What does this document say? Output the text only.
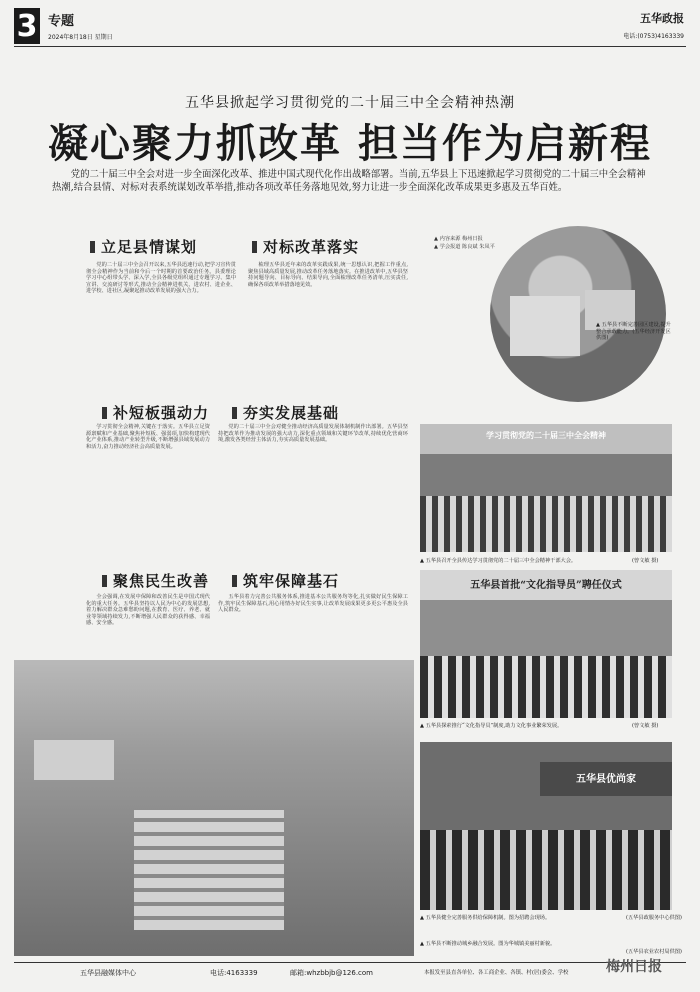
3 专题
2024年8月18日 星期日
五华政报
电话:(0753)4163339
五华县掀起学习贯彻党的二十届三中全会精神热潮
凝心聚力抓改革 担当作为启新程
党的二十届三中全会对进一步全面深化改革、推进中国式现代化作出战略部署。当前,五华县上下迅速掀起学习贯彻党的二十届三中全会精神热潮,结合县情、对标对表系统谋划改革举措,推动各项改革任务落地见效,努力让进一步全面深化改革成果更多惠及五华百姓。
立足县情谋划	对标改革落实
党的二十届三中全会召开以来,五华县迅速行动,把学习宣传贯彻全会精神作为当前和今后一个时期的首要政治任务。县委理论学习中心组带头学、深入学,全县各级党组织通过专题学习、集中宣讲、交流研讨等形式,推动全会精神进机关、进农村、进企业、进学校、进社区,凝聚起推动改革发展的强大合力。
梳理五华县近年来的改革实践成果,统一思想认识,把握工作重点,聚焦县域高质量发展,推动改革任务落地落实。在推进改革中,五华县坚持问题导向、目标导向、结果导向,全面梳理改革任务清单,压实责任,确保各项改革举措落地见效。
▲ 内容来源 梅州日报
▲ 学会报道 陈良斌 朱凤平
▲ 五华县不断完善园区建设,提升整合承载能力。(五华经济开发区供图)
补短板强动力	夯实发展基础
学习贯彻全会精神,关键在于落实。五华县立足资源禀赋和产业基础,聚焦补短板、强弱项,加快构建现代化产业体系,推动产业转型升级,不断增强县域发展动力和活力,奋力推动经济社会高质量发展。
党的二十届三中全会对健全推动经济高质量发展体制机制作出部署。五华县坚持把改革作为推动发展的强大动力,深化重点领域和关键环节改革,持续优化营商环境,激发各类经营主体活力,夯实高质量发展基础。
学习贯彻党的二十届三中全会精神
▲ 五华县召开全县传达学习贯彻党的二十届三中全会精神干部大会。	(曾文敏 摄)
聚焦民生改善	筑牢保障基石
全会强调,在发展中保障和改善民生是中国式现代化的重大任务。五华县坚持以人民为中心的发展思想,着力解决群众急难愁盼问题,在教育、医疗、养老、就业等领域持续发力,不断增强人民群众的获得感、幸福感、安全感。
五华县着力完善公共服务体系,推进基本公共服务均等化,扎实做好民生保障工作,筑牢民生保障基石,用心用情办好民生实事,让改革发展成果更多更公平惠及全县人民群众。
五华县首批“文化指导员”聘任仪式
▲ 五华县探索推行“文化指导员”制度,助力文化事业繁荣发展。	(曾文敏 摄)
五华县优尚家
▲ 五华县健全完善服务供给保障机制。图为招聘会现场。	(五华县政服务中心供图)
▲ 五华县不断推动城乡融合发展。图为华城镇美丽村新貌。
(五华县农业农村局供图)
五华县融媒体中心	电话:4163339	邮箱:whzbbjb@126.com	本报发至县直各单位、各工商企业、各镇、村(居)委会、学校	梅州日报
